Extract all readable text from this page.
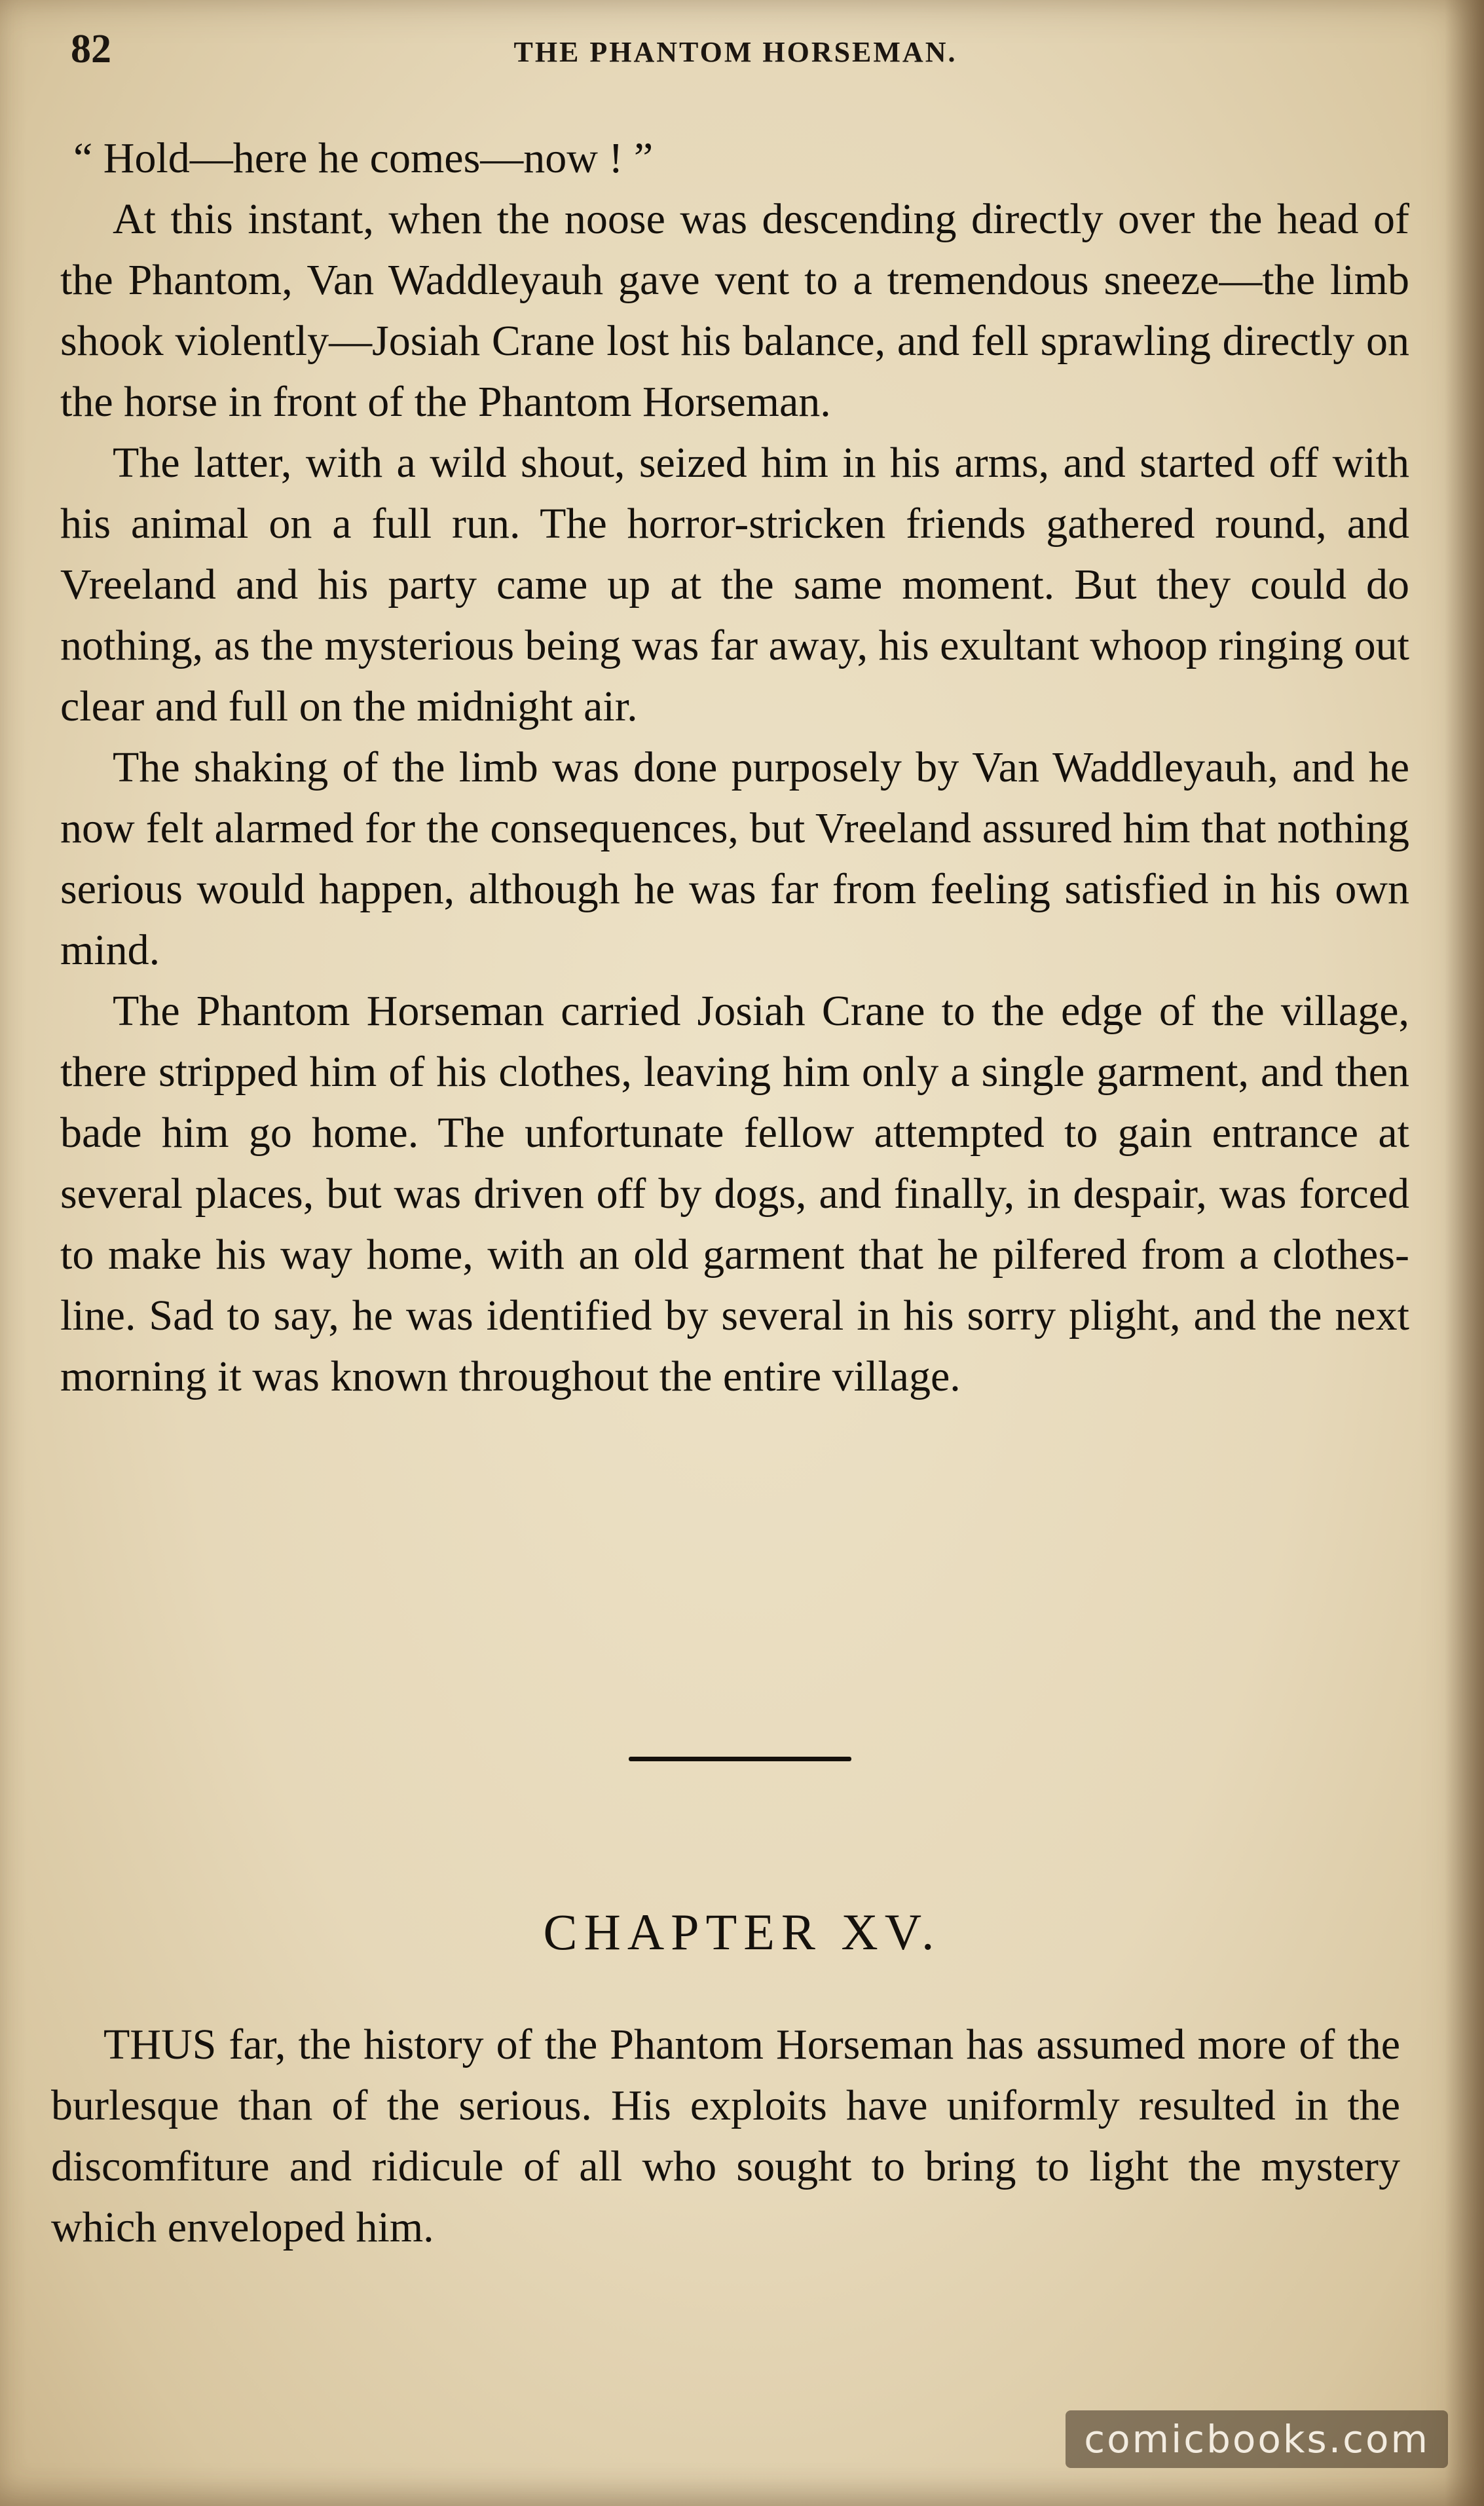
82	THE PHANTOM HORSEMAN.

“ Hold—here he comes—now ! ”

At this instant, when the noose was descending directly over the head of the Phantom, Van Waddleyauh gave vent to a tremendous sneeze—the limb shook violently—Josiah Crane lost his balance, and fell sprawling directly on the horse in front of the Phantom Horseman.

The latter, with a wild shout, seized him in his arms, and started off with his animal on a full run. The horror-stricken friends gathered round, and Vreeland and his party came up at the same moment. But they could do nothing, as the mysterious being was far away, his exultant whoop ringing out clear and full on the midnight air.

The shaking of the limb was done purposely by Van Waddleyauh, and he now felt alarmed for the consequences, but Vreeland assured him that nothing serious would happen, although he was far from feeling satisfied in his own mind.

The Phantom Horseman carried Josiah Crane to the edge of the village, there stripped him of his clothes, leaving him only a single garment, and then bade him go home. The unfortunate fellow attempted to gain entrance at several places, but was driven off by dogs, and finally, in despair, was forced to make his way home, with an old garment that he pilfered from a clothes-line. Sad to say, he was identified by several in his sorry plight, and the next morning it was known throughout the entire village.

CHAPTER XV.

THUS far, the history of the Phantom Horseman has assumed more of the burlesque than of the serious. His exploits have uniformly resulted in the discomfiture and ridicule of all who sought to bring to light the mystery which enveloped him.

comicbooks.com
